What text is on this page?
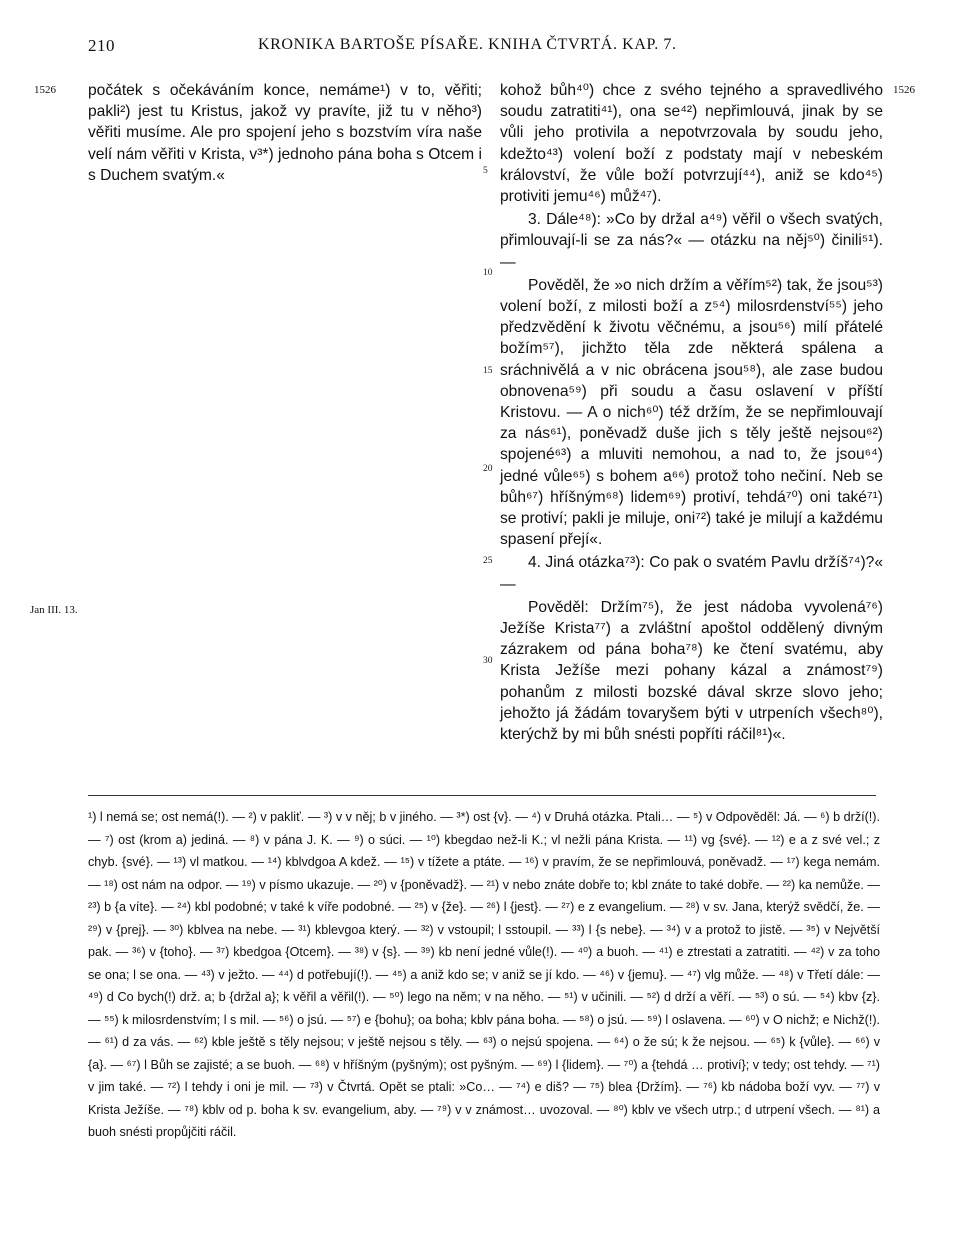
210	KRONIKA BARTOŠE PÍSAŘE. KNIHA ČTVRTÁ. KAP. 7.
1526	1526
Jan III. 13.
5
10
15
20
25
30

počátek s očekáváním konce, nemáme¹) v to, věřiti; pakli²) jest tu Kristus, jakož vy pravíte, již tu v něho³) věřiti musíme. Ale pro spojení jeho s bozstvím víra naše velí nám věřiti v Krista, v³*) jednoho pána boha s Otcem i s Duchem svatým.«

kohož bůh⁴⁰) chce z svého tejného a spravedlivého soudu zatratiti⁴¹), ona se⁴²) nepřimlouvá, jinak by se vůli jeho protivila a nepotvrzovala by soudu jeho, kdežto⁴³) volení boží z podstaty mají v nebeském království, že vůle boží potvrzují⁴⁴), aniž se kdo⁴⁵) protiviti jemu⁴⁶) můž⁴⁷).

3. Dále⁴⁸): »Co by držal a⁴⁹) věřil o všech svatých, přimlouvají-li se za nás?« — otázku na něj⁵⁰) činili⁵¹). —

Pověděl, že »o nich držím a věřím⁵²) tak, že jsou⁵³) volení boží, z milosti boží a z⁵⁴) milosrdenství⁵⁵) jeho předzvědění k životu věčnému, a jsou⁵⁶) milí přátelé božím⁵⁷), jichžto těla zde některá spálena a sráchnivělá a v nic obrácena jsou⁵⁸), ale zase budou obnovena⁵⁹) při soudu a času oslavení v příští Kristovu. — A o nich⁶⁰) též držím, že se nepřimlouvají za nás⁶¹), poněvadž duše jich s těly ještě nejsou⁶²) spojené⁶³) a mluviti nemohou, a nad to, že jsou⁶⁴) jedné vůle⁶⁵) s bohem a⁶⁶) protož toho nečiní. Neb se bůh⁶⁷) hříšným⁶⁸) lidem⁶⁹) protiví, tehdá⁷⁰) oni také⁷¹) se protiví; pakli je miluje, oni⁷²) také je milují a každému spasení přejí«.

4. Jiná otázka⁷³): Co pak o svatém Pavlu držíš⁷⁴)?« —

Pověděl: Držím⁷⁵), že jest nádoba vyvolená⁷⁶) Ježíše Krista⁷⁷) a zvláštní apoštol oddělený divným zázrakem od pána boha⁷⁸) ke čtení svatému, aby Krista Ježíše mezi pohany kázal a známost⁷⁹) pohanům z milosti bozské dával skrze slovo jeho; jehožto já žádám tovaryšem býti v utrpeních všech⁸⁰), kterýchž by mi bůh snésti popříti ráčil⁸¹)«.

¹) l nemá se; ost nemá(!). — ²) v pakliť. — ³) v v něj; b v jiného. — ³*) ost {v}. — ⁴) v Druhá otázka. Ptali… — ⁵) v Odpověděl: Já. — ⁶) b drží(!). — ⁷) ost (krom a) jediná. — ⁸) v pána J. K. — ⁹) o súci. — ¹⁰) kbegdao než-li K.; vl nežli pána Krista. — ¹¹) vg {své}. — ¹²) e a z své vel.; z chyb. {své}. — ¹³) vl matkou. — ¹⁴) kblvdgoa A kdež. — ¹⁵) v tížete a ptáte. — ¹⁶) v pravím, že se nepřimlouvá, poněvadž. — ¹⁷) kega nemám. — ¹⁸) ost nám na odpor. — ¹⁹) v písmo ukazuje. — ²⁰) v {poněvadž}. — ²¹) v nebo znáte dobře to; kbl znáte to také dobře. — ²²) ka nemůže. — ²³) b {a víte}. — ²⁴) kbl podobné; v také k víře podobné. — ²⁵) v {že}. — ²⁶) l {jest}. — ²⁷) e z evangelium. — ²⁸) v sv. Jana, kterýž svědčí, že. — ²⁹) v {prej}. — ³⁰) kblvea na nebe. — ³¹) kblevgoa který. — ³²) v vstoupil; l sstoupil. — ³³) l {s nebe}. — ³⁴) v a protož to jistě. — ³⁵) v Největší pak. — ³⁶) v {toho}. — ³⁷) kbedgoa {Otcem}. — ³⁸) v {s}. — ³⁹) kb není jedné vůle(!). — ⁴⁰) a buoh. — ⁴¹) e ztrestati a zatratiti. — ⁴²) v za toho se ona; l se ona. — ⁴³) v ježto. — ⁴⁴) d potřebují(!). — ⁴⁵) a aniž kdo se; v aniž se jí kdo. — ⁴⁶) v {jemu}. — ⁴⁷) vlg může. — ⁴⁸) v Třetí dále: — ⁴⁹) d Co bych(!) drž. a; b {držal a}; k věřil a věřil(!). — ⁵⁰) lego na něm; v na něho. — ⁵¹) v učinili. — ⁵²) d drží a věří. — ⁵³) o sú. — ⁵⁴) kbv {z}. — ⁵⁵) k milosrdenstvím; l s mil. — ⁵⁶) o jsú. — ⁵⁷) e {bohu}; oa boha; kblv pána boha. — ⁵⁸) o jsú. — ⁵⁹) l oslavena. — ⁶⁰) v O nichž; e Nichž(!). — ⁶¹) d za vás. — ⁶²) kble ještě s těly nejsou; v ještě nejsou s těly. — ⁶³) o nejsú spojena. — ⁶⁴) o že sú; k že nejsou. — ⁶⁵) k {vůle}. — ⁶⁶) v {a}. — ⁶⁷) l Bůh se zajisté; a se buoh. — ⁶⁸) v hříšným (pyšným); ost pyšným. — ⁶⁹) l {lidem}. — ⁷⁰) a {tehdá … protiví}; v tedy; ost tehdy. — ⁷¹) v jim také. — ⁷²) l tehdy i oni je mil. — ⁷³) v Čtvrtá. Opět se ptali: »Co… — ⁷⁴) e diš? — ⁷⁵) blea {Držím}. — ⁷⁶) kb nádoba boží vyv. — ⁷⁷) v Krista Ježíše. — ⁷⁸) kblv od p. boha k sv. evangelium, aby. — ⁷⁹) v v známost… uvozoval. — ⁸⁰) kblv ve všech utrp.; d utrpení všech. — ⁸¹) a buoh snésti propůjčiti ráčil.
